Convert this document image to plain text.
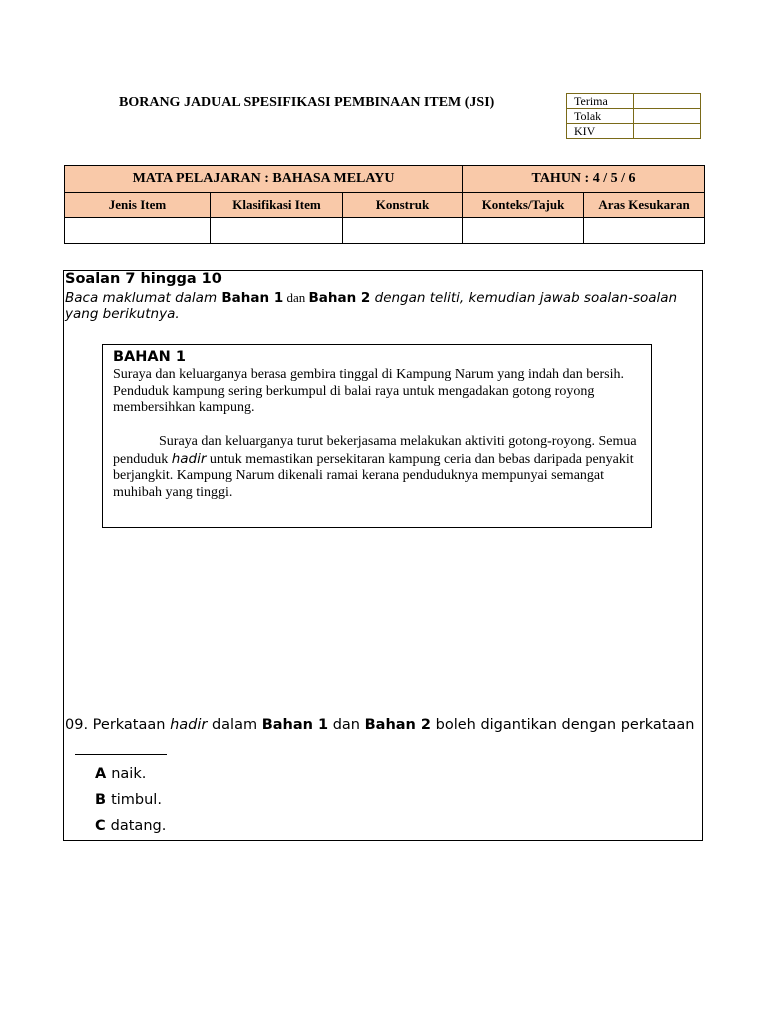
BORANG JADUAL SPESIFIKASI PEMBINAAN ITEM (JSI)	Terima	
Tolak	
KIV	
MATA PELAJARAN : BAHASA MELAYU			TAHUN : 4 / 5 / 6	
Jenis Item	Klasifikasi Item	Konstruk	Konteks/Tajuk	Aras Kesukaran

Soalan 7 hingga 10
Baca maklumat dalam Bahan 1 dan Bahan 2 dengan teliti, kemudian jawab soalan-soalan yang berikutnya.
BAHAN 1

Suraya dan keluarganya berasa gembira tinggal di Kampung Narum yang indah dan bersih. Penduduk kampung sering berkumpul di balai raya untuk mengadakan gotong royong membersihkan kampung.

Suraya dan keluarganya turut bekerjasama melakukan aktiviti gotong-royong. Semua penduduk hadir untuk memastikan persekitaran kampung ceria dan bebas daripada penyakit berjangkit. Kampung Narum dikenali ramai kerana penduduknya mempunyai semangat muhibah yang tinggi.

09. Perkataan hadir dalam Bahan 1 dan Bahan 2 boleh digantikan dengan perkataan
A naik.
B timbul.
C datang.
